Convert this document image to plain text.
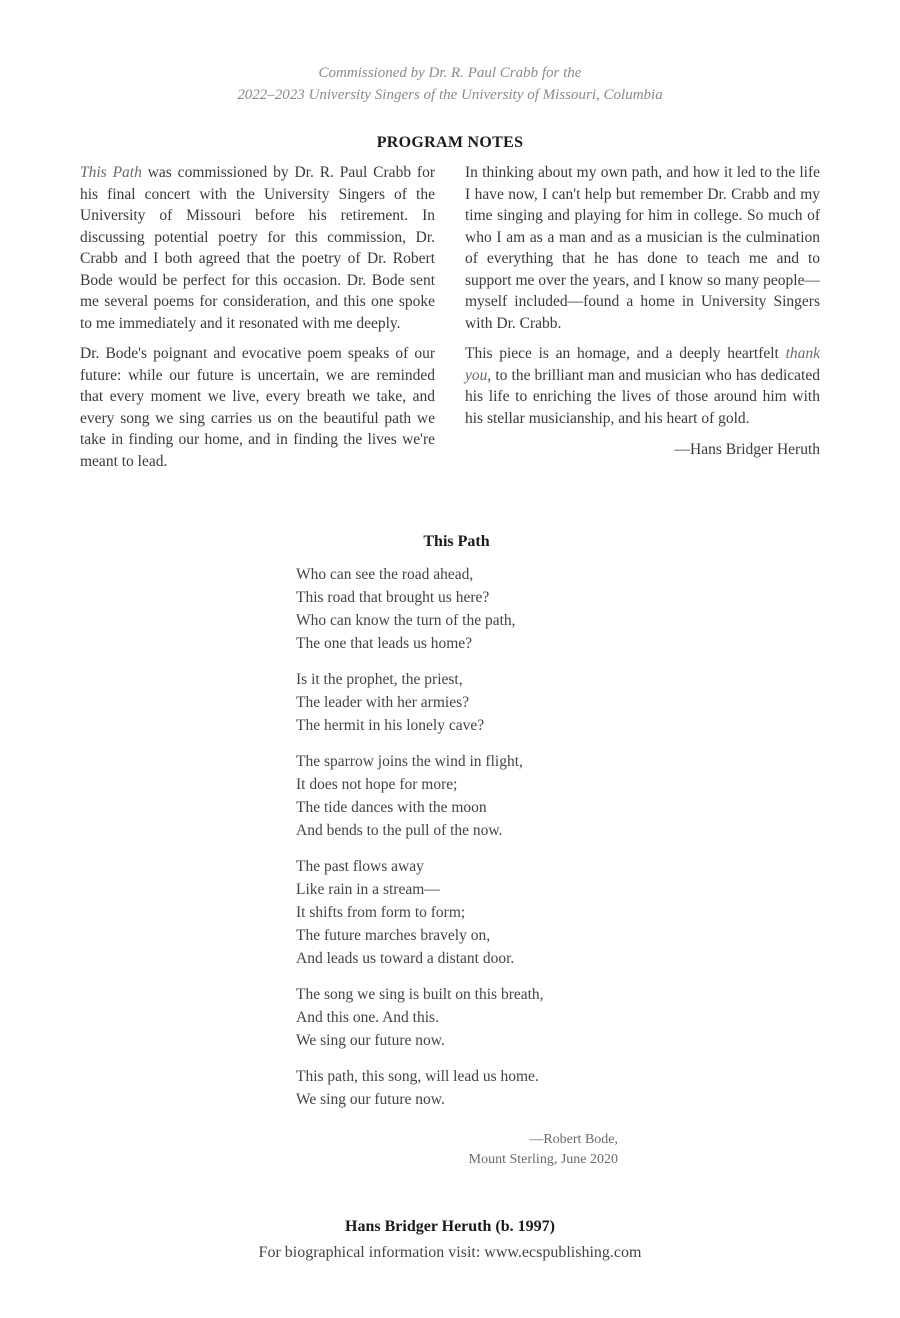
Commissioned by Dr. R. Paul Crabb for the
2022–2023 University Singers of the University of Missouri, Columbia
PROGRAM NOTES

This Path was commissioned by Dr. R. Paul Crabb for his final concert with the University Singers of the University of Missouri before his retirement. In discussing potential poetry for this commission, Dr. Crabb and I both agreed that the poetry of Dr. Robert Bode would be perfect for this occasion. Dr. Bode sent me several poems for consideration, and this one spoke to me immediately and it resonated with me deeply.

Dr. Bode's poignant and evocative poem speaks of our future: while our future is uncertain, we are reminded that every moment we live, every breath we take, and every song we sing carries us on the beautiful path we take in finding our home, and in finding the lives we're meant to lead.

In thinking about my own path, and how it led to the life I have now, I can't help but remember Dr. Crabb and my time singing and playing for him in college. So much of who I am as a man and as a musician is the culmination of everything that he has done to teach me and to support me over the years, and I know so many people—myself included—found a home in University Singers with Dr. Crabb.

This piece is an homage, and a deeply heartfelt thank you, to the brilliant man and musician who has dedicated his life to enriching the lives of those around him with his stellar musicianship, and his heart of gold.

—Hans Bridger Heruth
This Path
Who can see the road ahead,
This road that brought us here?
Who can know the turn of the path,
The one that leads us home?
Is it the prophet, the priest,
The leader with her armies?
The hermit in his lonely cave?
The sparrow joins the wind in flight,
It does not hope for more;
The tide dances with the moon
And bends to the pull of the now.
The past flows away
Like rain in a stream—
It shifts from form to form;
The future marches bravely on,
And leads us toward a distant door.
The song we sing is built on this breath,
And this one. And this.
We sing our future now.
This path, this song, will lead us home.
We sing our future now.
—Robert Bode,
Mount Sterling, June 2020
Hans Bridger Heruth (b. 1997)
For biographical information visit: www.ecspublishing.com
